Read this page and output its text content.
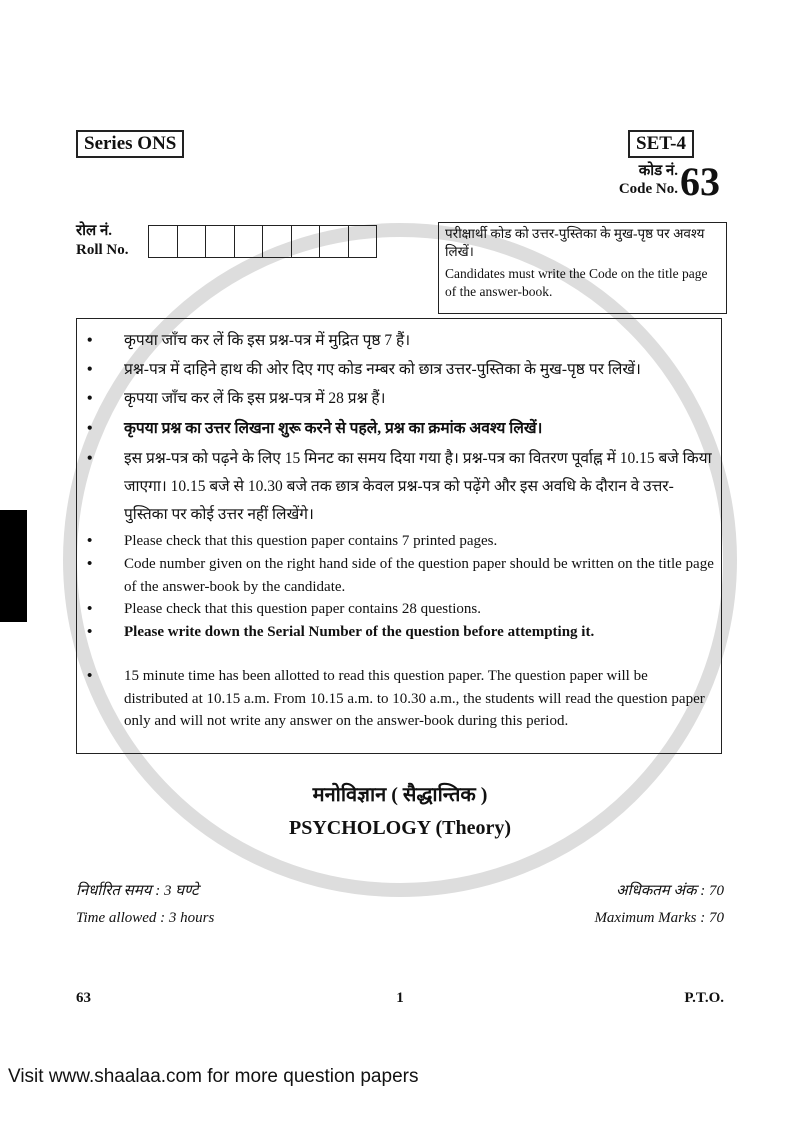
Series ONS	SET-4
कोड नं.
Code No. 63
रोल नं.
Roll No.
परीक्षार्थी कोड को उत्तर-पुस्तिका के मुख-पृष्ठ पर अवश्य लिखें।
Candidates must write the Code on the title page of the answer-book.
• कृपया जाँच कर लें कि इस प्रश्न-पत्र में मुद्रित पृष्ठ 7 हैं।
• प्रश्न-पत्र में दाहिने हाथ की ओर दिए गए कोड नम्बर को छात्र उत्तर-पुस्तिका के मुख-पृष्ठ पर लिखें।
• कृपया जाँच कर लें कि इस प्रश्न-पत्र में 28 प्रश्न हैं।
• कृपया प्रश्न का उत्तर लिखना शुरू करने से पहले, प्रश्न का क्रमांक अवश्य लिखें।
• इस प्रश्न-पत्र को पढ़ने के लिए 15 मिनट का समय दिया गया है। प्रश्न-पत्र का वितरण पूर्वाह्न में 10.15 बजे किया जाएगा। 10.15 बजे से 10.30 बजे तक छात्र केवल प्रश्न-पत्र को पढ़ेंगे और इस अवधि के दौरान वे उत्तर-पुस्तिका पर कोई उत्तर नहीं लिखेंगे।
• Please check that this question paper contains 7 printed pages.
• Code number given on the right hand side of the question paper should be written on the title page of the answer-book by the candidate.
• Please check that this question paper contains 28 questions.
• Please write down the Serial Number of the question before attempting it.
• 15 minute time has been allotted to read this question paper. The question paper will be distributed at 10.15 a.m. From 10.15 a.m. to 10.30 a.m., the students will read the question paper only and will not write any answer on the answer-book during this period.
मनोविज्ञान ( सैद्धान्तिक )
PSYCHOLOGY (Theory)
निर्धारित समय : 3 घण्टे
Time allowed : 3 hours
अधिकतम अंक : 70
Maximum Marks : 70
63	1	P.T.O.
Visit www.shaalaa.com for more question papers
